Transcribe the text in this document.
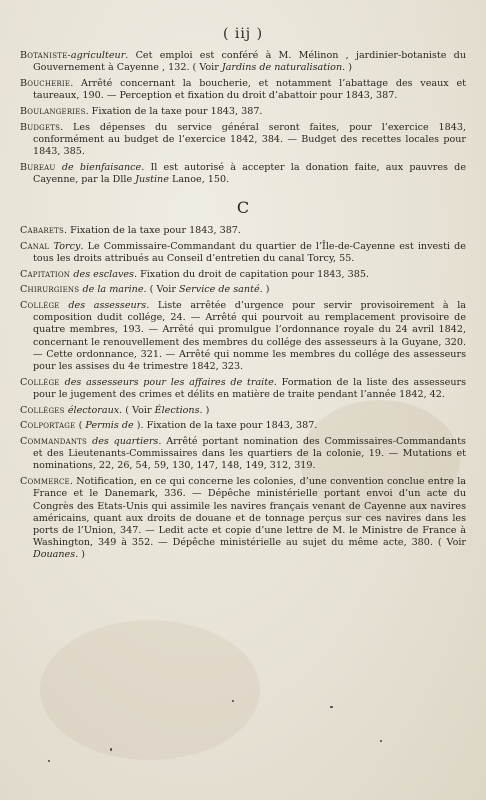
( iij )

Botaniste-agriculteur. Cet emploi est conféré à M. Mélinon , jardinier-botaniste du Gouvernement à Cayenne , 132. ( Voir Jardins de naturalisation. )

Boucherie. Arrêté concernant la boucherie, et notamment l’abattage des veaux et taureaux, 190. — Perception et fixation du droit d’abattoir pour 1843, 387.

Boulangeries. Fixation de la taxe pour 1843, 387.

Budgets. Les dépenses du service général seront faites, pour l’exercice 1843, conformément au budget de l’exercice 1842, 384. — Budget des recettes locales pour 1843, 385.

Bureau de bienfaisance. Il est autorisé à accepter la donation faite, aux pauvres de Cayenne, par la Dlle Justine Lanoe, 150.

C

Cabarets. Fixation de la taxe pour 1843, 387.

Canal Torcy. Le Commissaire-Commandant du quartier de l’Île-de-Cayenne est investi de tous les droits attribués au Conseil d’entretien du canal Torcy, 55.

Capitation des esclaves. Fixation du droit de capitation pour 1843, 385.

Chirurgiens de la marine. ( Voir Service de santé. )

Collége des assesseurs. Liste arrêtée d’urgence pour servir provisoirement à la composition dudit collége, 24. — Arrêté qui pourvoit au remplacement provisoire de quatre membres, 193. — Arrêté qui promulgue l’ordonnance royale du 24 avril 1842, concernant le renouvellement des membres du collége des assesseurs à la Guyane, 320. — Cette ordonnance, 321. — Arrêté qui nomme les membres du collége des assesseurs pour les assises du 4e trimestre 1842, 323.

Collége des assesseurs pour les affaires de traite. Formation de la liste des assesseurs pour le jugement des crimes et délits en matière de traite pendant l’année 1842, 42.

Colléges électoraux. ( Voir Élections. )

Colportage ( Permis de ). Fixation de la taxe pour 1843, 387.

Commandants des quartiers. Arrêté portant nomination des Commissaires-Commandants et des Lieutenants-Commissaires dans les quartiers de la colonie, 19. — Mutations et nominations, 22, 26, 54, 59, 130, 147, 148, 149, 312, 319.

Commerce. Notification, en ce qui concerne les colonies, d’une convention conclue entre la France et le Danemark, 336. — Dépêche ministérielle portant envoi d’un acte du Congrès des Etats-Unis qui assimile les navires français venant de Cayenne aux navires américains, quant aux droits de douane et de tonnage perçus sur ces navires dans les ports de l’Union, 347. — Ledit acte et copie d’une lettre de M. le Ministre de France à Washington, 349 à 352. — Dépêche ministérielle au sujet du même acte, 380. ( Voir Douanes. )
